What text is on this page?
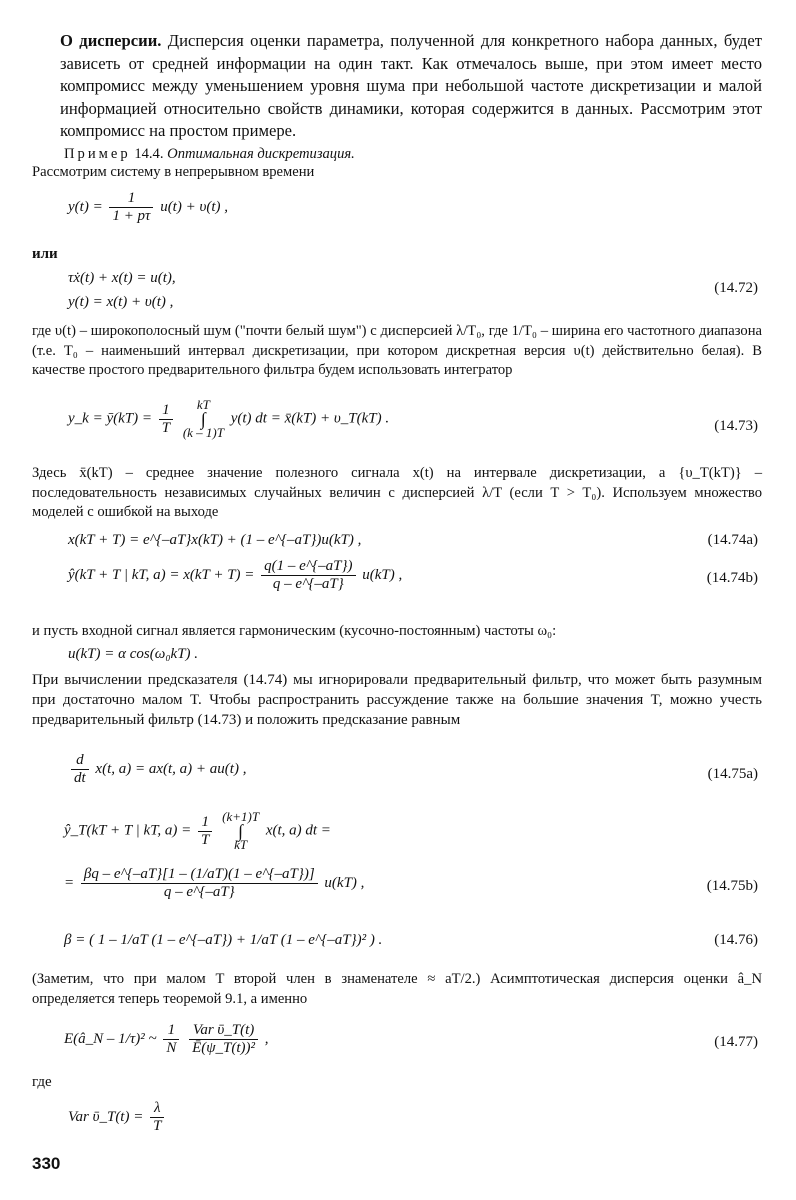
О дисперсии. Дисперсия оценки параметра, полученной для конкретного набора данных, будет зависеть от средней информации на один такт. Как отмечалось выше, при этом имеет место компромисс между уменьшением уровня шума при небольшой частоте дискретизации и малой информацией относительно свойств динамики, которая содержится в данных. Рассмотрим этот компромисс на простом примере.
Пример 14.4. Оптимальная дискретизация.
Рассмотрим систему в непрерывном времени
$y(t) = \frac{1}{1 + p\tau} u(t) + \upsilon(t)$ ,
или
τẋ(t) + x(t) = u(t),
y(t) = x(t) + υ(t) ,
(14.72)
где υ(t) – широкополосный шум ("почти белый шум") с дисперсией λ/T₀, где 1/T₀ – ширина его частотного диапазона (т.е. T₀ – наименьший интервал дискретизации, при котором дискретная версия υ(t) действительно белая). В качестве простого предварительного фильтра будем использовать интегратор
y_k = ȳ(kT) = $\frac{1}{T}$
	kT
∫
(k – 1)T
y(t) dt = x̄(kT) + υ_T(kT) .	(14.73)
Здесь x̄(kT) – среднее значение полезного сигнала x(t) на интервале дискретизации, а {υ_T(kT)} – последовательность независимых случайных величин с дисперсией λ/T (если T > T₀). Используем множество моделей с ошибкой на выходе
x(kT + T) = e^{–aT}x(kT) + (1 – e^{–aT})u(kT) ,	(14.74a)
ŷ(kT + T | kT, $a) = x(kT + T) = \frac{q(1 - e\^{}\{-aT\})}{q - e\^{}\{-aT\}} u(kT)$ ,	(14.74b)
и пусть входной сигнал является гармоническим (кусочно-постоянным) частоты ω₀:
u(kT) = α cos(ω₀kT) .
При вычислении предсказателя (14.74) мы игнорировали предварительный фильтр, что может быть разумным при достаточно малом T. Чтобы распространить рассуждение также на большие значения T, можно учесть предварительный фильтр (14.73) и положить предсказание равным
$\frac{d}{dt} x(t$, a) = ax(t, a) + au(t) ,	(14.75a)
ŷ_T(kT + T | kT, $a) = \frac{1}{T}$
(k+1)T
∫
kT
x(t, a) dt =
= $\frac{\beta q - e\^{}\{-aT\}[1 - (1/aT)(1 - e\^{}\{-aT\})]}{q - e\^{}\{-aT\}} u(kT)$ ,	(14.75b)
β = ( 1 – 1/aT (1 – e^{–aT}) + 1/aT (1 – e^{–aT})² ) .	(14.76)
(Заметим, что при малом T второй член в знаменателе ≈ aT/2.) Асимптотическая дисперсия оценки â_N определяется теперь теоремой 9.1, а именно
E(â_N – 1/τ)² ~ $\frac{1}{N}$
$\frac{\text{Var ῡ\_T(t)}}{\text{Ē(ψ\_T(t))²}}$ ,	(14.77)
где
Var ῡ_T(t) = $\frac{\lambda}{T}$
330
